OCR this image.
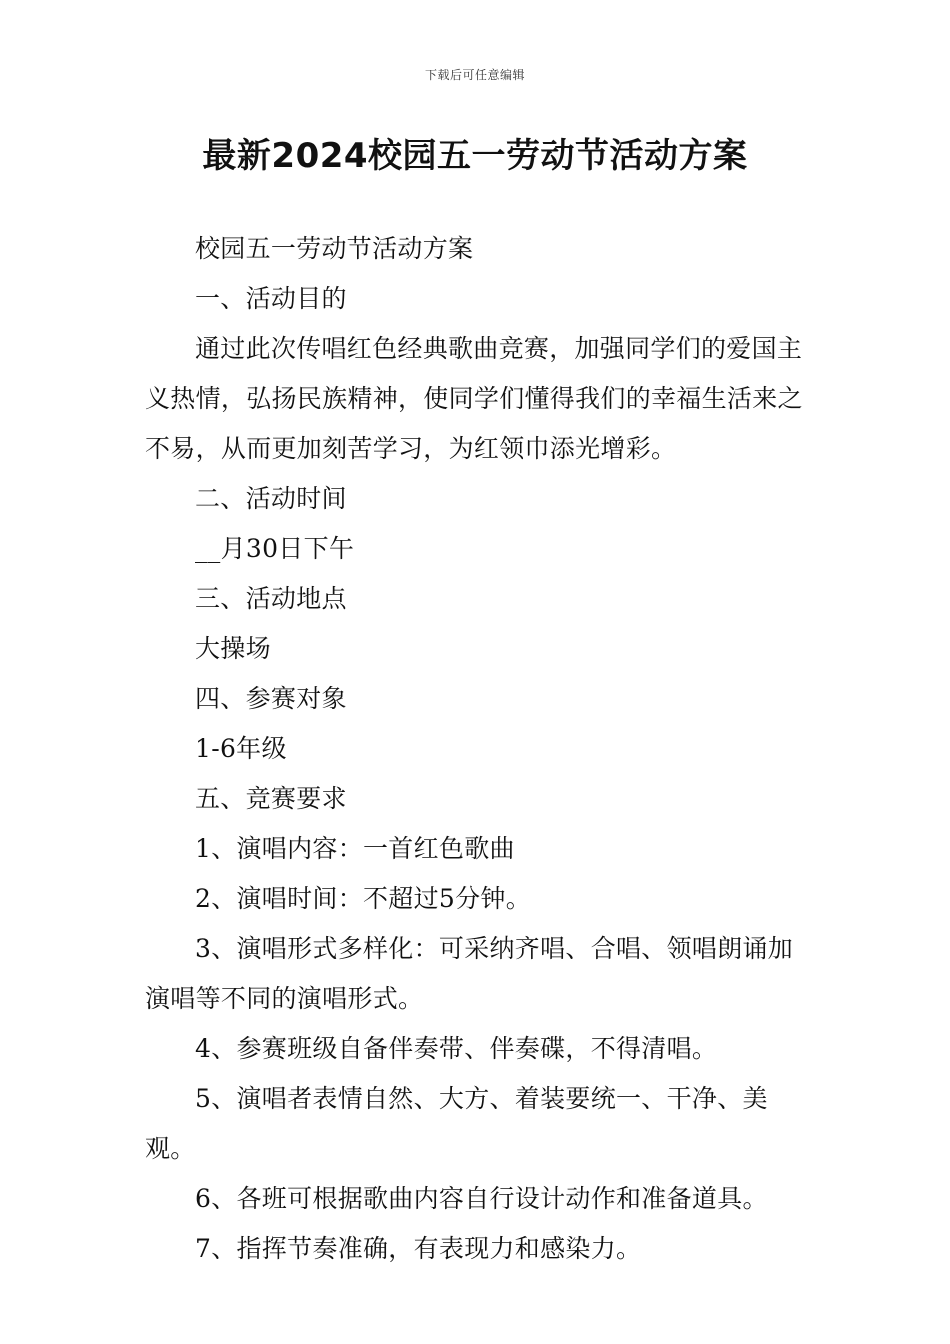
下载后可任意编辑
最新2024校园五一劳动节活动方案

校园五一劳动节活动方案

一、活动目的

通过此次传唱红色经典歌曲竞赛，加强同学们的爱国主义热情，弘扬民族精神，使同学们懂得我们的幸福生活来之不易，从而更加刻苦学习，为红领巾添光增彩。

二、活动时间

__月30日下午

三、活动地点

大操场

四、参赛对象

1-6年级

五、竞赛要求

1、演唱内容：一首红色歌曲

2、演唱时间：不超过5分钟。

3、演唱形式多样化：可采纳齐唱、合唱、领唱朗诵加演唱等不同的演唱形式。

4、参赛班级自备伴奏带、伴奏碟，不得清唱。

5、演唱者表情自然、大方、着装要统一、干净、美观。

6、各班可根据歌曲内容自行设计动作和准备道具。

7、指挥节奏准确，有表现力和感染力。
